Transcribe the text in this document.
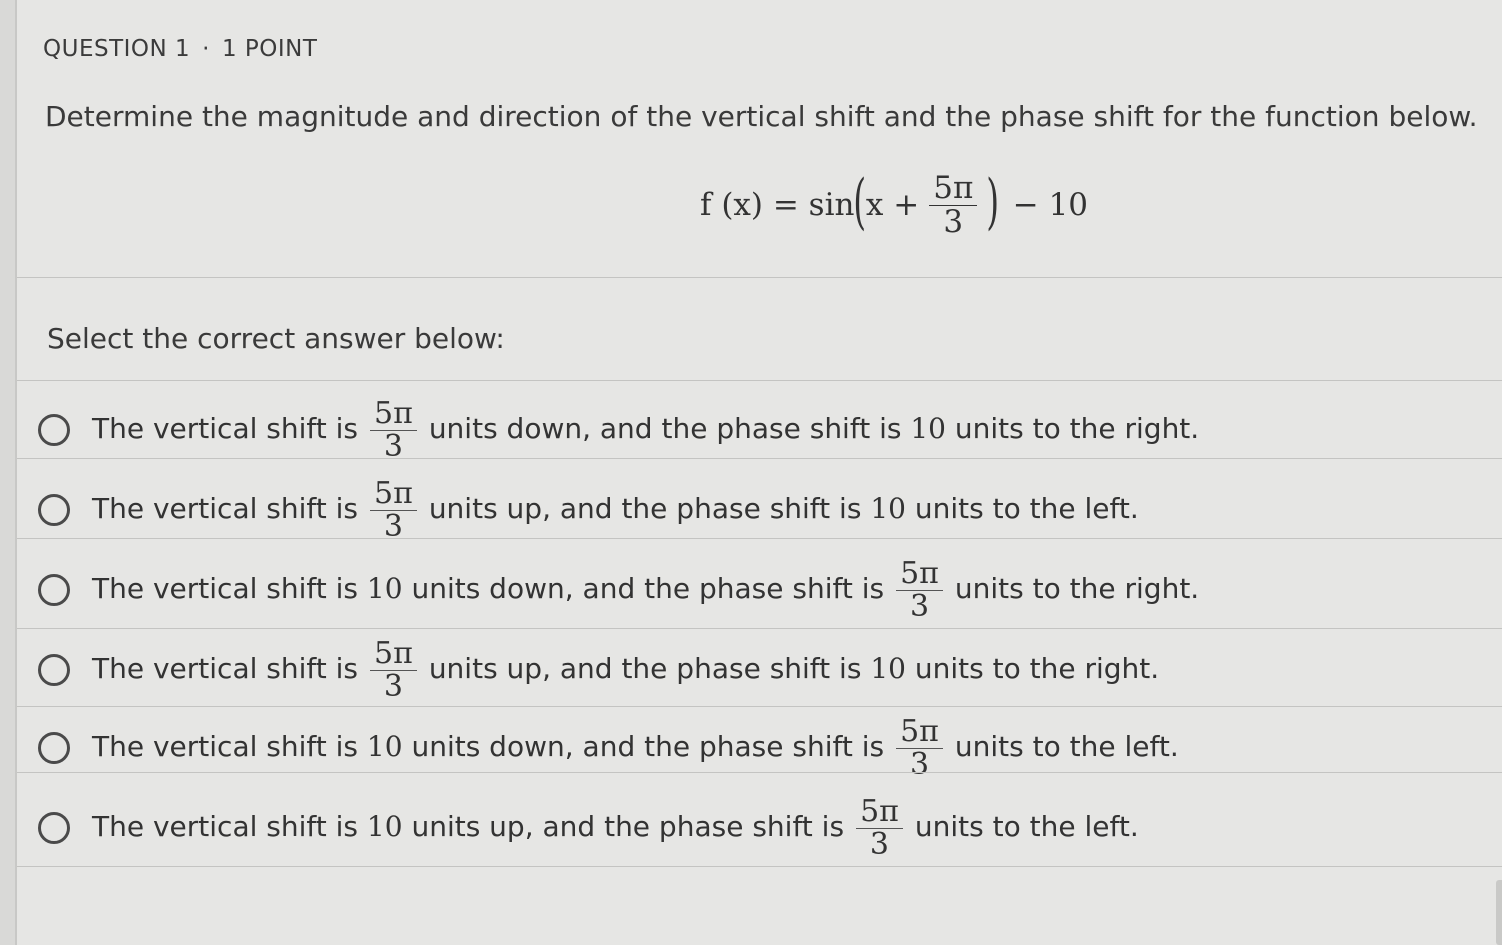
QUESTION 1 · 1 POINT
Determine the magnitude and direction of the vertical shift and the phase shift for the function below.
f (x) = sin ( $x + \frac{5\pi}{3}$ ) − 10
Select the correct answer below:
The vertical shift is $\frac{5\pi}{3}$ units down, and the phase shift is 10 units to the right.
The vertical shift is $\frac{5\pi}{3}$ units up, and the phase shift is 10 units to the left.
The vertical shift is 10 units down, and the phase shift is $\frac{5\pi}{3}$ units to the right.
The vertical shift is $\frac{5\pi}{3}$ units up, and the phase shift is 10 units to the right.
The vertical shift is 10 units down, and the phase shift is $\frac{5\pi}{3}$ units to the left.
The vertical shift is 10 units up, and the phase shift is $\frac{5\pi}{3}$ units to the left.
